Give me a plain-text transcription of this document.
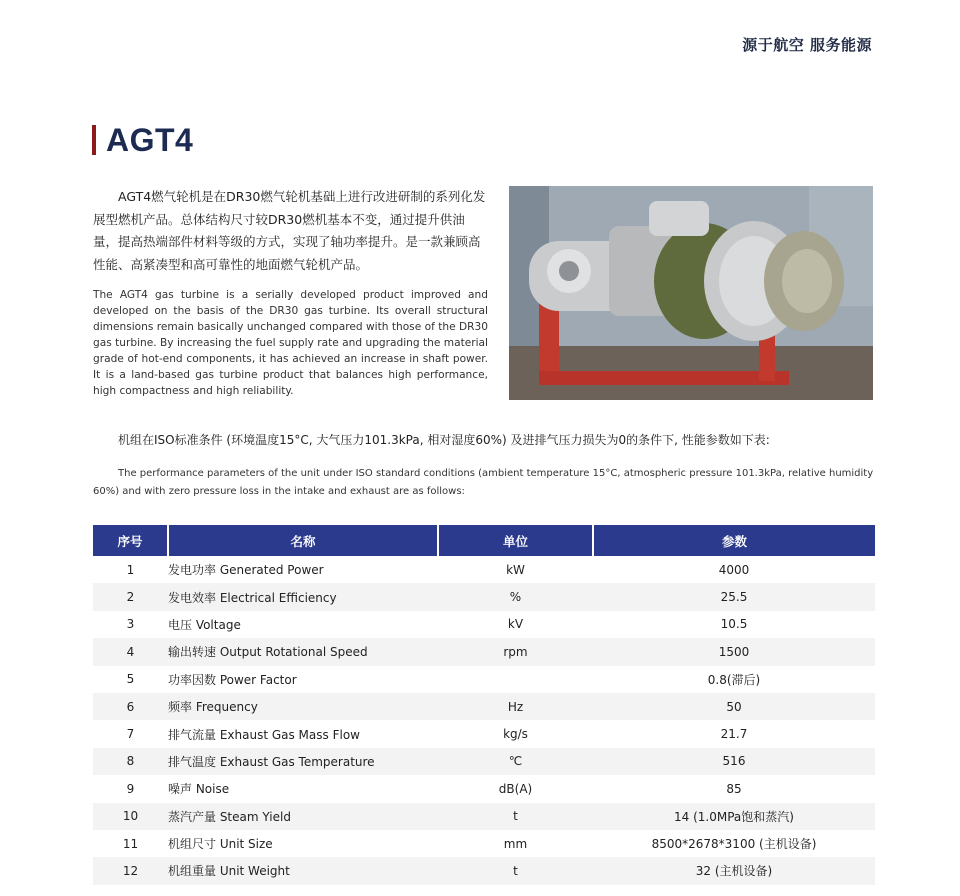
源于航空 服务能源
AGT4

AGT4燃气轮机是在DR30燃气轮机基础上进行改进研制的系列化发展型燃机产品。总体结构尺寸较DR30燃机基本不变，通过提升供油量，提高热端部件材料等级的方式，实现了轴功率提升。是一款兼顾高性能、高紧凑型和高可靠性的地面燃气轮机产品。

The AGT4 gas turbine is a serially developed product improved and developed on the basis of the DR30 gas turbine. Its overall structural dimensions remain basically unchanged compared with those of the DR30 gas turbine. By increasing the fuel supply rate and upgrading the material grade of hot-end components, it has achieved an increase in shaft power. It is a land-based gas turbine product that balances high performance, high compactness and high reliability.

机组在ISO标准条件 (环境温度15°C, 大气压力101.3kPa, 相对湿度60%) 及进排气压力损失为0的条件下, 性能参数如下表:

The performance parameters of the unit under ISO standard conditions (ambient temperature 15°C, atmospheric pressure 101.3kPa, relative humidity 60%) and with zero pressure loss in the intake and exhaust are as follows:

序号	名称	单位	参数
1	发电功率 Generated Power	kW	4000
2	发电效率 Electrical Efficiency	%	25.5
3	电压 Voltage	kV	10.5
4	输出转速 Output Rotational Speed	rpm	1500
5	功率因数 Power Factor		0.8(滞后)
6	频率 Frequency	Hz	50
7	排气流量 Exhaust Gas Mass Flow	kg/s	21.7
8	排气温度 Exhaust Gas Temperature	℃	516
9	噪声 Noise	dB(A)	85
10	蒸汽产量 Steam Yield	t	14 (1.0MPa饱和蒸汽)
11	机组尺寸 Unit Size	mm	8500*2678*3100 (主机设备)
12	机组重量 Unit Weight	t	32 (主机设备)
